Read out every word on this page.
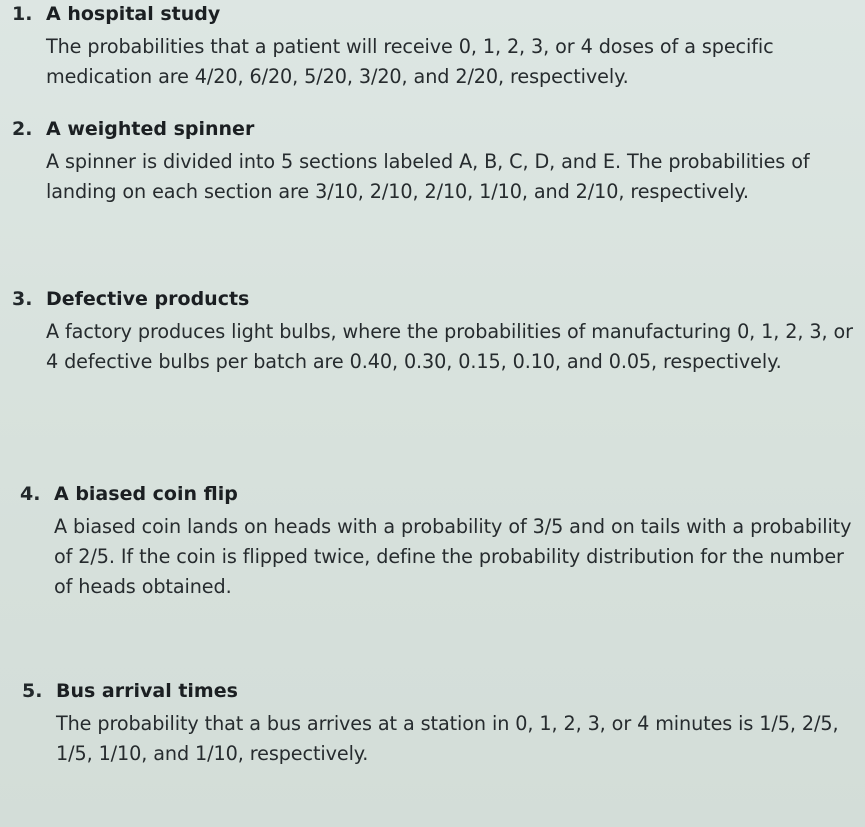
1. A hospital study
The probabilities that a patient will receive 0, 1, 2, 3, or 4 doses of a specific medication are 4/20, 6/20, 5/20, 3/20, and 2/20, respectively.
2. A weighted spinner
A spinner is divided into 5 sections labeled A, B, C, D, and E. The probabilities of landing on each section are 3/10, 2/10, 2/10, 1/10, and 2/10, respectively.
3. Defective products
A factory produces light bulbs, where the probabilities of manufacturing 0, 1, 2, 3, or 4 defective bulbs per batch are 0.40, 0.30, 0.15, 0.10, and 0.05, respectively.
4. A biased coin flip
A biased coin lands on heads with a probability of 3/5 and on tails with a probability of 2/5. If the coin is flipped twice, define the probability distribution for the number of heads obtained.
5. Bus arrival times
The probability that a bus arrives at a station in 0, 1, 2, 3, or 4 minutes is 1/5, 2/5, 1/5, 1/10, and 1/10, respectively.
